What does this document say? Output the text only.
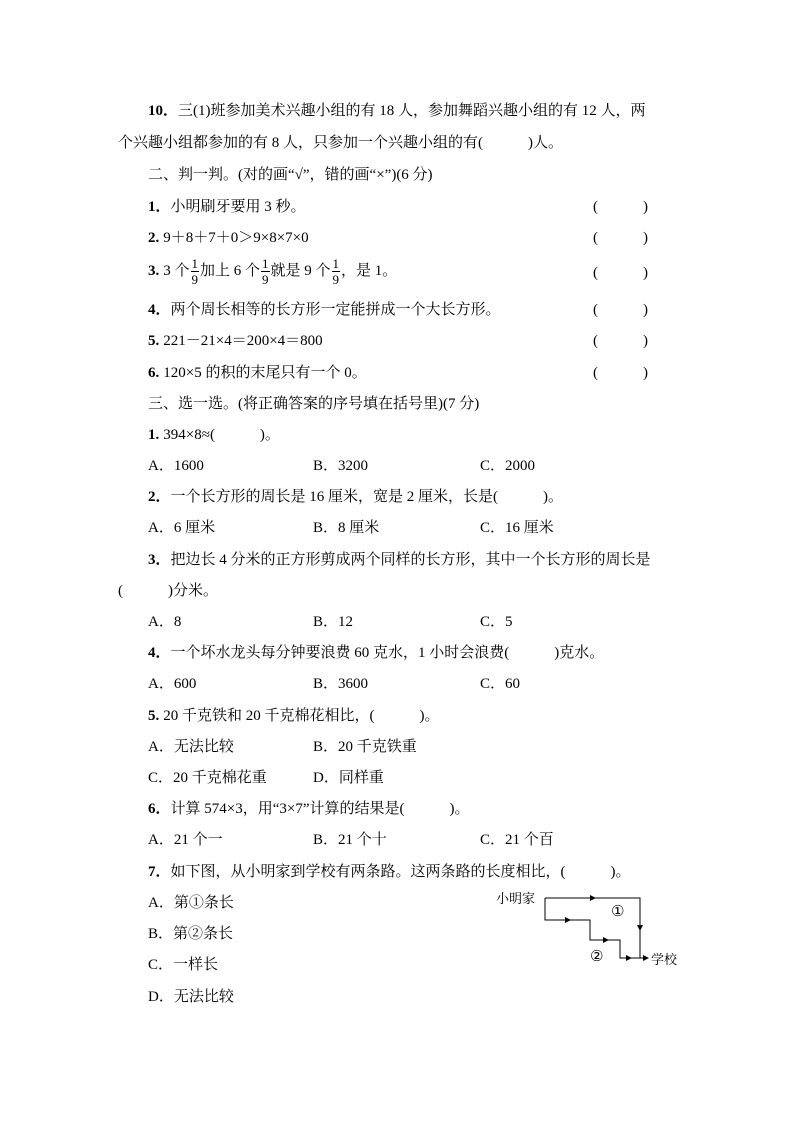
10．三(1)班参加美术兴趣小组的有 18 人，参加舞蹈兴趣小组的有 12 人，两
个兴趣小组都参加的有 8 人，只参加一个兴趣小组的有(　　　)人。
二、判一判。(对的画“√”，错的画“×”)(6 分)
1．小明刷牙要用 3 秒。	(　　　)
2. 9＋8＋7＋0＞9×8×7×0	(　　　)
3. 3 个 $\frac{1}{9}$ 加上 6 个 $\frac{1}{9}$ 就是 9 个 $\frac{1}{9}$ ，是 1。	(　　　)
4．两个周长相等的长方形一定能拼成一个大长方形。	(　　　)
5. 221－21×4＝200×4＝800	(　　　)
6. 120×5 的积的末尾只有一个 0。	(　　　)
三、选一选。(将正确答案的序号填在括号里)(7 分)
1. 394×8≈(　　　)。
A．1600	B．3200	C．2000
2．一个长方形的周长是 16 厘米，宽是 2 厘米，长是(　　　)。
A．6 厘米	B．8 厘米	C．16 厘米
3．把边长 4 分米的正方形剪成两个同样的长方形，其中一个长方形的周长是
(　　　)分米。
A．8	B．12	C．5
4．一个坏水龙头每分钟要浪费 60 克水，1 小时会浪费(　　　)克水。
A．600	B．3600	C．60
5. 20 千克铁和 20 千克棉花相比，(　　　)。
A．无法比较	B．20 千克铁重
C．20 千克棉花重	D．同样重
6．计算 574×3，用“3×7”计算的结果是(　　　)。
A．21 个一	B．21 个十	C．21 个百
7．如下图，从小明家到学校有两条路。这两条路的长度相比，(　　　)。
A．第①条长
B．第②条长
C．一样长
D．无法比较
小明家
①
②	学校
